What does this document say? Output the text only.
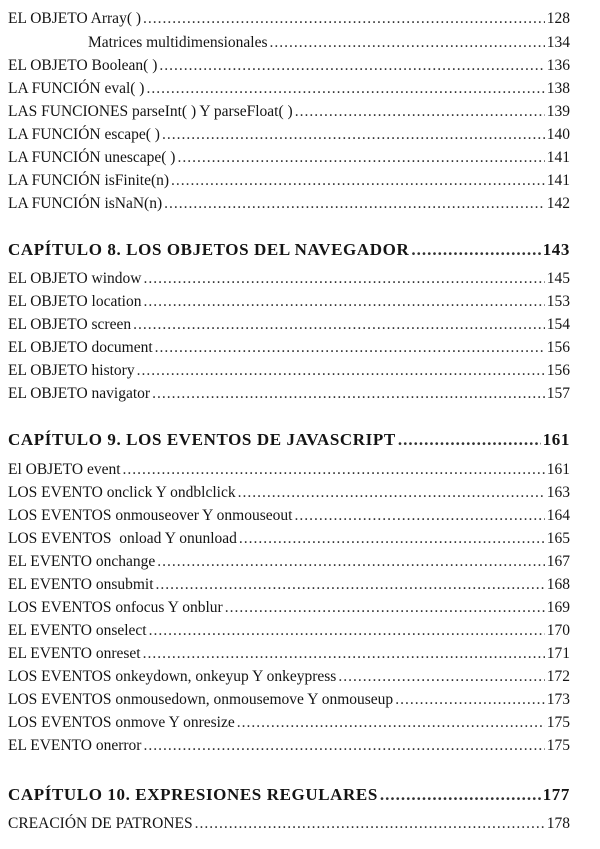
EL OBJETO Array( ) .....	128
Matrices multidimensionales .....	134
EL OBJETO Boolean( ) .....	136
LA FUNCIÓN eval( ) .....	138
LAS FUNCIONES parseInt( ) Y parseFloat( ) .....	139
LA FUNCIÓN escape( ) .....	140
LA FUNCIÓN unescape( ) .....	141
LA FUNCIÓN isFinite(n) .....	141
LA FUNCIÓN isNaN(n) .....	142
CAPÍTULO 8. LOS OBJETOS DEL NAVEGADOR .....	143
EL OBJETO window .....	145
EL OBJETO location .....	153
EL OBJETO screen .....	154
EL OBJETO document .....	156
EL OBJETO history .....	156
EL OBJETO navigator .....	157
CAPÍTULO 9. LOS EVENTOS DE JAVASCRIPT .....	161
El OBJETO event .....	161
LOS EVENTO onclick Y ondblclick .....	163
LOS EVENTOS onmouseover Y onmouseout .....	164
LOS EVENTOS  onload Y onunload .....	165
EL EVENTO onchange .....	167
EL EVENTO onsubmit .....	168
LOS EVENTOS onfocus Y onblur .....	169
EL EVENTO onselect .....	170
EL EVENTO onreset .....	171
LOS EVENTOS onkeydown, onkeyup Y onkeypress .....	172
LOS EVENTOS onmousedown, onmousemove Y onmouseup .....	173
LOS EVENTOS onmove Y onresize .....	175
EL EVENTO onerror .....	175
CAPÍTULO 10. EXPRESIONES REGULARES .....	177
CREACIÓN DE PATRONES .....	178
